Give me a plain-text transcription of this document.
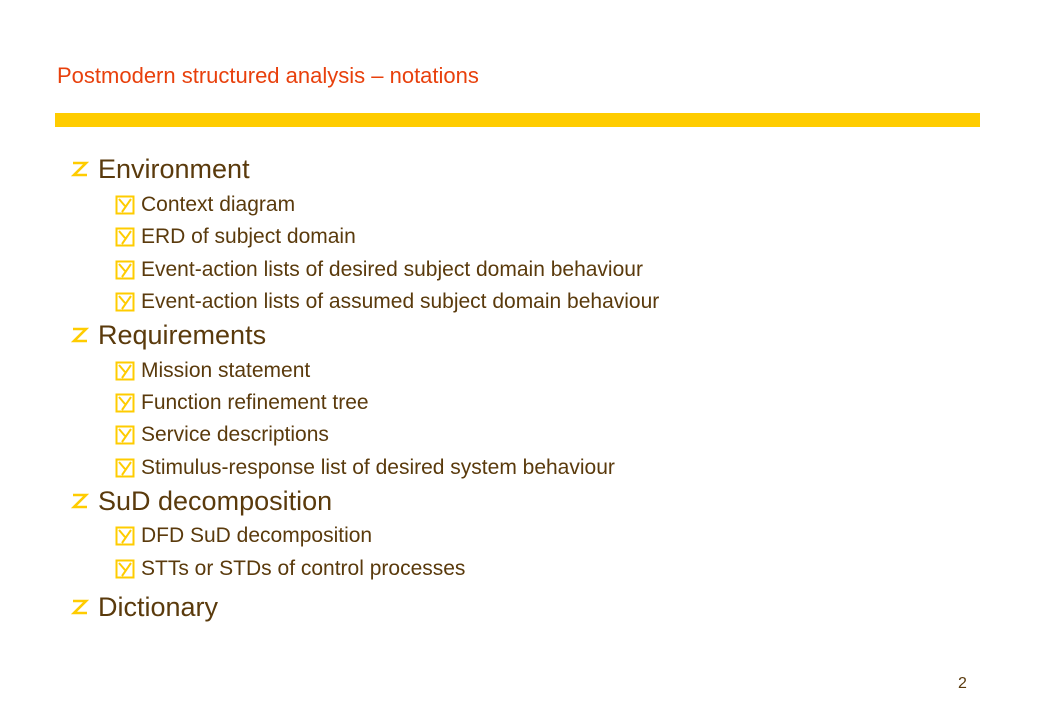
Postmodern structured analysis – notations
Environment
Context diagram
ERD of subject domain
Event-action lists of desired subject domain behaviour
Event-action lists of assumed subject domain behaviour
Requirements
Mission statement
Function refinement tree
Service descriptions
Stimulus-response list of desired system behaviour
SuD decomposition
DFD SuD decomposition
STTs or STDs of control processes
Dictionary
2
